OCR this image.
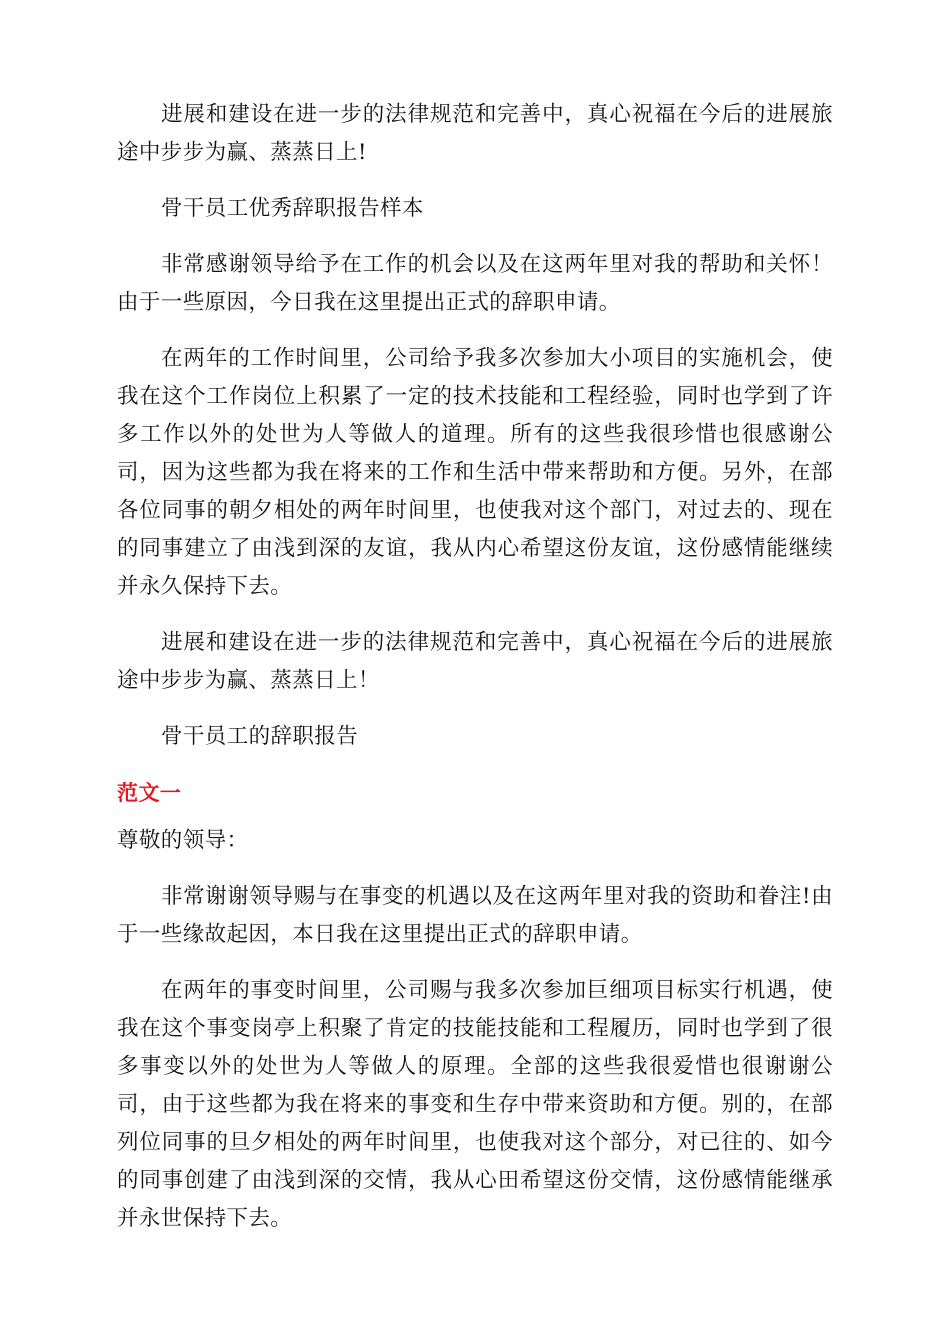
进展和建设在进一步的法律规范和完善中，真心祝福在今后的进展旅途中步步为赢、蒸蒸日上!

骨干员工优秀辞职报告样本

非常感谢领导给予在工作的机会以及在这两年里对我的帮助和关怀！由于一些原因，今日我在这里提出正式的辞职申请。

在两年的工作时间里，公司给予我多次参加大小项目的实施机会，使我在这个工作岗位上积累了一定的技术技能和工程经验，同时也学到了许多工作以外的处世为人等做人的道理。所有的这些我很珍惜也很感谢公司，因为这些都为我在将来的工作和生活中带来帮助和方便。另外，在部各位同事的朝夕相处的两年时间里，也使我对这个部门，对过去的、现在的同事建立了由浅到深的友谊，我从内心希望这份友谊，这份感情能继续并永久保持下去。

进展和建设在进一步的法律规范和完善中，真心祝福在今后的进展旅途中步步为赢、蒸蒸日上！

骨干员工的辞职报告

范文一

尊敬的领导：

非常谢谢领导赐与在事变的机遇以及在这两年里对我的资助和眷注!由于一些缘故起因，本日我在这里提出正式的辞职申请。

在两年的事变时间里，公司赐与我多次参加巨细项目标实行机遇，使我在这个事变岗亭上积聚了肯定的技能技能和工程履历，同时也学到了很多事变以外的处世为人等做人的原理。全部的这些我很爱惜也很谢谢公司，由于这些都为我在将来的事变和生存中带来资助和方便。别的，在部列位同事的旦夕相处的两年时间里，也使我对这个部分，对已往的、如今的同事创建了由浅到深的交情，我从心田希望这份交情，这份感情能继承并永世保持下去。
